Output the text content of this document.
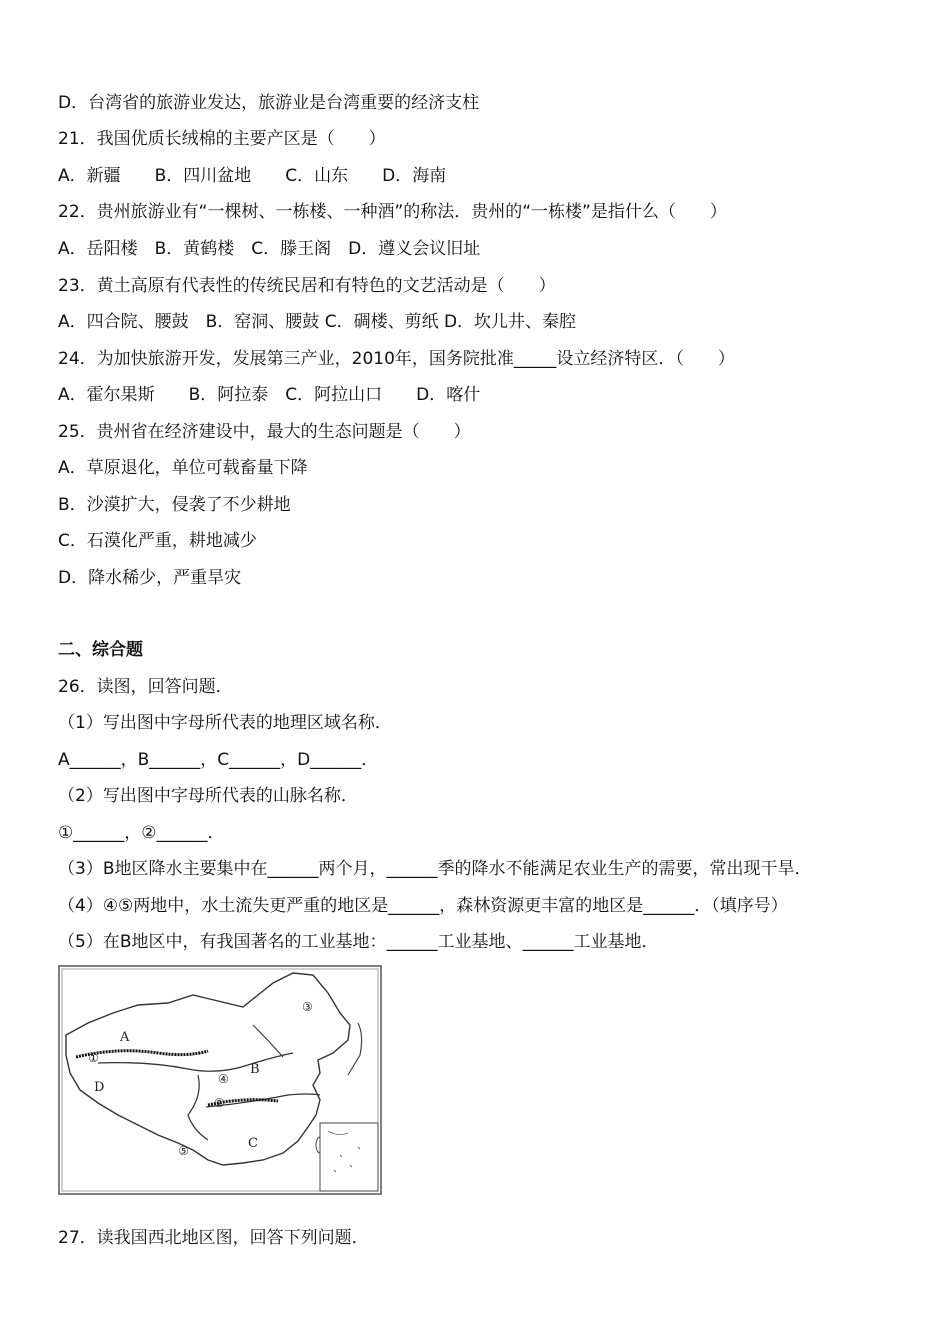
D．台湾省的旅游业发达，旅游业是台湾重要的经济支柱
21．我国优质长绒棉的主要产区是（　　）
A．新疆　　B．四川盆地　　C．山东　　D．海南
22．贵州旅游业有“一棵树、一栋楼、一种酒”的称法．贵州的“一栋楼”是指什么（　　）
A．岳阳楼　B．黄鹤楼　C．滕王阁　D．遵义会议旧址
23．黄土高原有代表性的传统民居和有特色的文艺活动是（　　）
A．四合院、腰鼓　B．窑洞、腰鼓 C．碉楼、剪纸 D．坎儿井、秦腔
24．为加快旅游开发，发展第三产业，2010年，国务院批准_____设立经济特区．（　　）
A．霍尔果斯　　B．阿拉泰　C．阿拉山口　　D．喀什
25．贵州省在经济建设中，最大的生态问题是（　　）
A．草原退化，单位可载畜量下降
B．沙漠扩大，侵袭了不少耕地
C．石漠化严重，耕地减少
D．降水稀少，严重旱灾
二、综合题
26．读图，回答问题．
（1）写出图中字母所代表的地理区域名称．
A______，B______，C______，D______．
（2）写出图中字母所代表的山脉名称．
①______，②______．
（3）B地区降水主要集中在______两个月，______季的降水不能满足农业生产的需要，常出现干旱．
（4）④⑤两地中，水土流失更严重的地区是______，森林资源更丰富的地区是______．（填序号）
（5）在B地区中，有我国著名的工业基地：______工业基地、______工业基地．
A
B
C
D
①
②
③
④
⑤
27．读我国西北地区图，回答下列问题．
